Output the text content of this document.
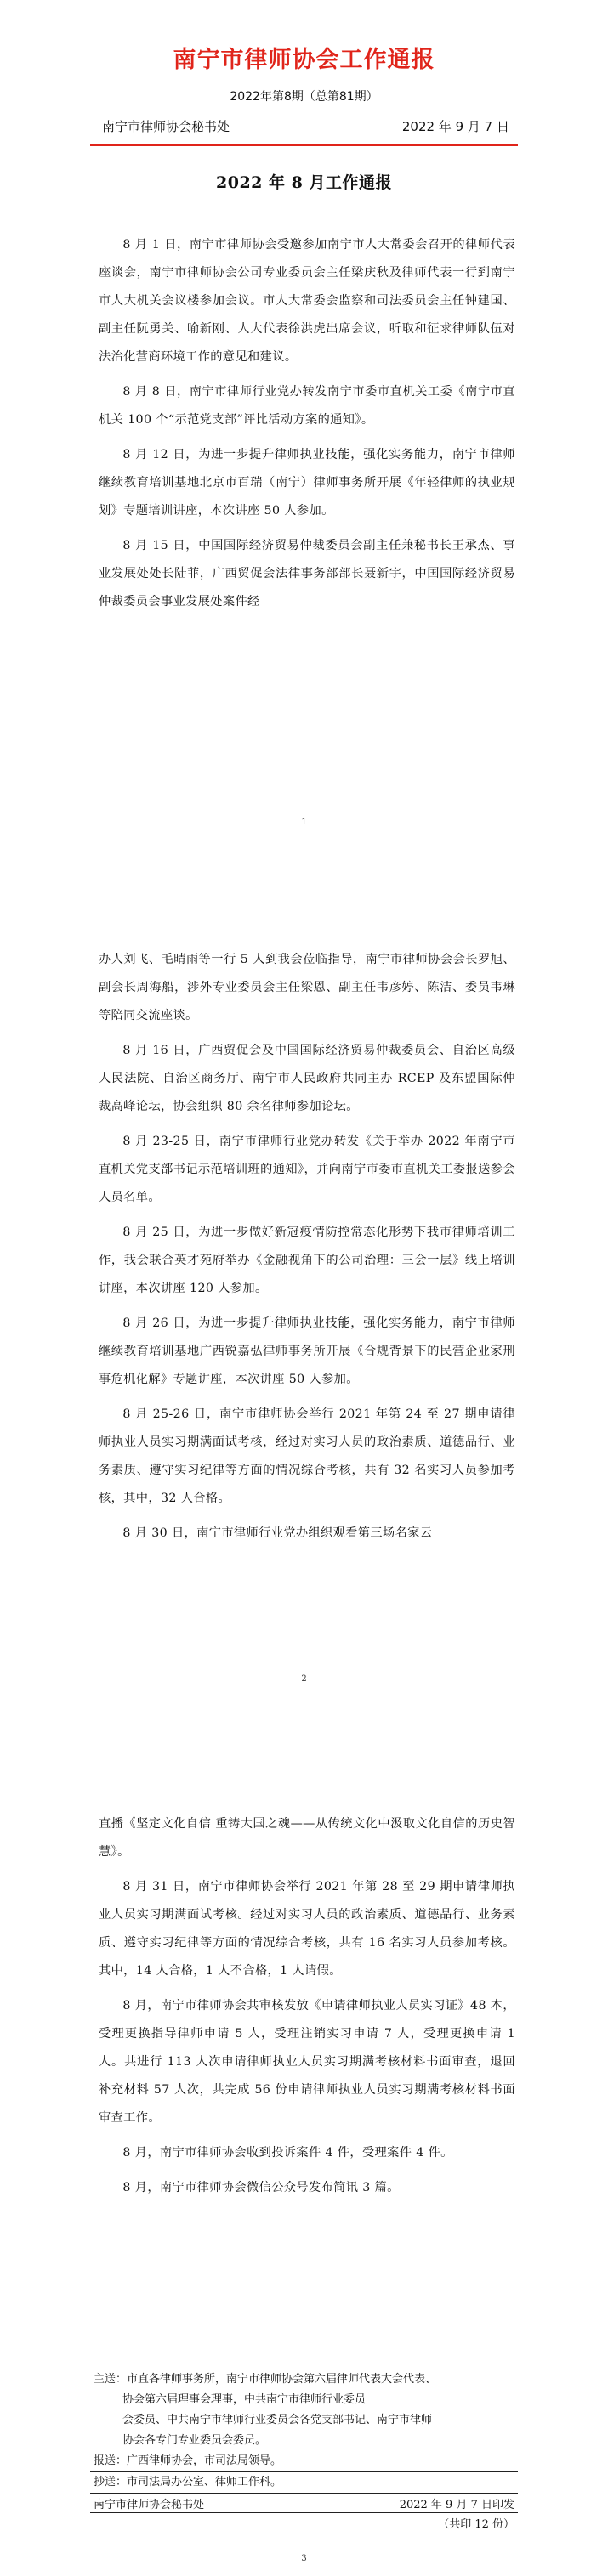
南宁市律师协会工作通报
2022年第8期（总第81期）
南宁市律师协会秘书处	2022 年 9 月 7 日
2022 年 8 月工作通报

8 月 1 日，南宁市律师协会受邀参加南宁市人大常委会召开的律师代表座谈会，南宁市律师协会公司专业委员会主任梁庆秋及律师代表一行到南宁市人大机关会议楼参加会议。市人大常委会监察和司法委员会主任钟建国、副主任阮勇关、喻新刚、人大代表徐洪虎出席会议，听取和征求律师队伍对法治化营商环境工作的意见和建议。

8 月 8 日，南宁市律师行业党办转发南宁市委市直机关工委《南宁市直机关 100 个“示范党支部”评比活动方案的通知》。

8 月 12 日，为进一步提升律师执业技能，强化实务能力，南宁市律师继续教育培训基地北京市百瑞（南宁）律师事务所开展《年轻律师的执业规划》专题培训讲座，本次讲座 50 人参加。

8 月 15 日，中国国际经济贸易仲裁委员会副主任兼秘书长王承杰、事业发展处处长陆菲，广西贸促会法律事务部部长聂新宇，中国国际经济贸易仲裁委员会事业发展处案件经

1

办人刘飞、毛晴雨等一行 5 人到我会莅临指导，南宁市律师协会会长罗旭、副会长周海船，涉外专业委员会主任梁恩、副主任韦彦婷、陈洁、委员韦琳等陪同交流座谈。

8 月 16 日，广西贸促会及中国国际经济贸易仲裁委员会、自治区高级人民法院、自治区商务厅、南宁市人民政府共同主办 RCEP 及东盟国际仲裁高峰论坛，协会组织 80 余名律师参加论坛。

8 月 23-25 日，南宁市律师行业党办转发《关于举办 2022 年南宁市直机关党支部书记示范培训班的通知》，并向南宁市委市直机关工委报送参会人员名单。

8 月 25 日，为进一步做好新冠疫情防控常态化形势下我市律师培训工作，我会联合英才苑府举办《金融视角下的公司治理：三会一层》线上培训讲座，本次讲座 120 人参加。

8 月 26 日，为进一步提升律师执业技能，强化实务能力，南宁市律师继续教育培训基地广西锐嘉弘律师事务所开展《合规背景下的民营企业家刑事危机化解》专题讲座，本次讲座 50 人参加。

8 月 25-26 日，南宁市律师协会举行 2021 年第 24 至 27 期申请律师执业人员实习期满面试考核，经过对实习人员的政治素质、道德品行、业务素质、遵守实习纪律等方面的情况综合考核，共有 32 名实习人员参加考核，其中，32 人合格。

8 月 30 日，南宁市律师行业党办组织观看第三场名家云

2

直播《坚定文化自信 重铸大国之魂——从传统文化中汲取文化自信的历史智慧》。

8 月 31 日，南宁市律师协会举行 2021 年第 28 至 29 期申请律师执业人员实习期满面试考核。经过对实习人员的政治素质、道德品行、业务素质、遵守实习纪律等方面的情况综合考核，共有 16 名实习人员参加考核。其中，14 人合格，1 人不合格，1 人请假。

8 月，南宁市律师协会共审核发放《申请律师执业人员实习证》48 本，受理更换指导律师申请 5 人，受理注销实习申请 7 人，受理更换申请 1 人。共进行 113 人次申请律师执业人员实习期满考核材料书面审查，退回补充材料 57 人次，共完成 56 份申请律师执业人员实习期满考核材料书面审查工作。

8 月，南宁市律师协会收到投诉案件 4 件，受理案件 4 件。

8 月，南宁市律师协会微信公众号发布简讯 3 篇。

3

主送：市直各律师事务所，南宁市律师协会第六届律师代表大会代表、

协会第六届理事会理事，中共南宁市律师行业委员

会委员、中共南宁市律师行业委员会各党支部书记、南宁市律师

协会各专门专业委员会委员。

报送：广西律师协会，市司法局领导。

抄送：市司法局办公室、律师工作科。

南宁市律师协会秘书处	2022 年 9 月 7 日印发
（共印 12 份）
